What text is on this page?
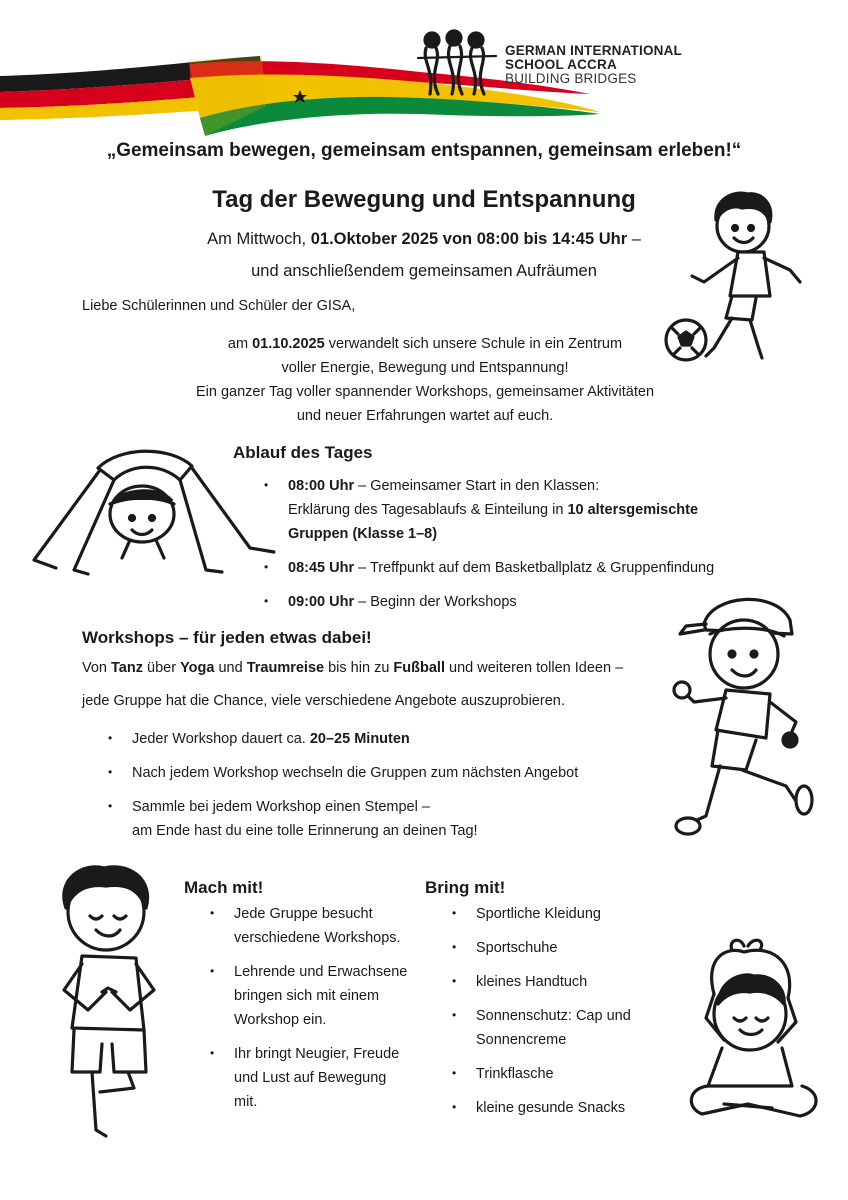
GERMAN INTERNATIONAL
SCHOOL ACCRA
BUILDING BRIDGES
„Gemeinsam bewegen, gemeinsam entspannen, gemeinsam erleben!“
Tag der Bewegung und Entspannung
Am Mittwoch, 01.Oktober 2025 von 08:00 bis 14:45 Uhr –
und anschließendem gemeinsamen Aufräumen
Liebe Schülerinnen und Schüler der GISA,
am 01.10.2025 verwandelt sich unsere Schule in ein Zentrum
voller Energie, Bewegung und Entspannung!
Ein ganzer Tag voller spannender Workshops, gemeinsamer Aktivitäten
und neuer Erfahrungen wartet auf euch.
Ablauf des Tages
• 08:00 Uhr – Gemeinsamer Start in den Klassen:
Erklärung des Tagesablaufs & Einteilung in 10 altersgemischte
Gruppen (Klasse 1–8)
• 08:45 Uhr – Treffpunkt auf dem Basketballplatz & Gruppenfindung
• 09:00 Uhr – Beginn der Workshops
Workshops – für jeden etwas dabei!
Von Tanz über Yoga und Traumreise bis hin zu Fußball und weiteren tollen Ideen –
jede Gruppe hat die Chance, viele verschiedene Angebote auszuprobieren.
• Jeder Workshop dauert ca. 20–25 Minuten
• Nach jedem Workshop wechseln die Gruppen zum nächsten Angebot
• Sammle bei jedem Workshop einen Stempel –
am Ende hast du eine tolle Erinnerung an deinen Tag!
Mach mit!
• Jede Gruppe besucht
verschiedene Workshops.
• Lehrende und Erwachsene
bringen sich mit einem
Workshop ein.
• Ihr bringt Neugier, Freude
und Lust auf Bewegung
mit.
Bring mit!
• Sportliche Kleidung
• Sportschuhe
• kleines Handtuch
• Sonnenschutz: Cap und
Sonnencreme
• Trinkflasche
• kleine gesunde Snacks
